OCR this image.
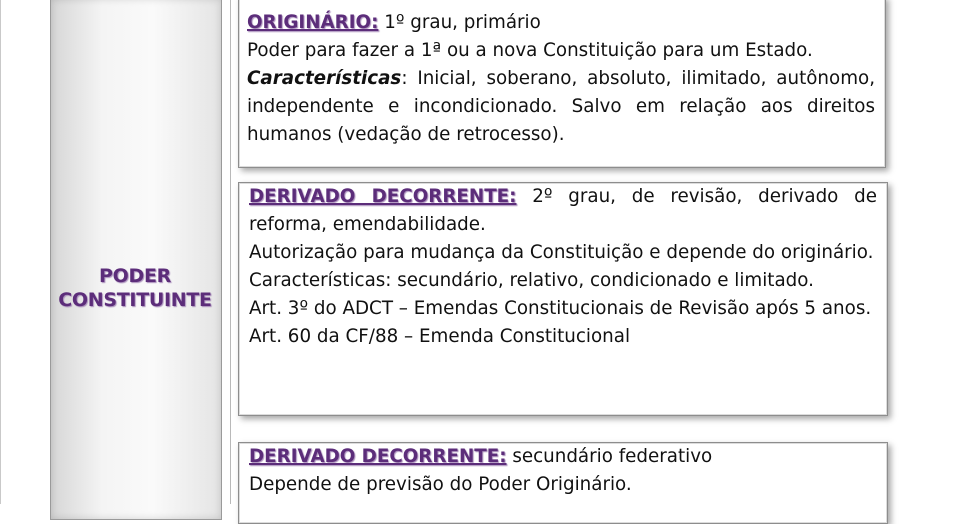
PODER
CONSTITUINTE

ORIGINÁRIO: 1º grau, primário

Poder para fazer a 1ª ou a nova Constituição para um Estado.

Características: Inicial, soberano, absoluto, ilimitado, autônomo, independente e incondicionado. Salvo em relação aos direitos humanos (vedação de retrocesso).

DERIVADO DECORRENTE: 2º grau, de revisão, derivado de reforma, emendabilidade.

Autorização para mudança da Constituição e depende do originário.

Características: secundário, relativo, condicionado e limitado.

Art. 3º do ADCT – Emendas Constitucionais de Revisão após 5 anos.

Art. 60 da CF/88 – Emenda Constitucional

DERIVADO DECORRENTE: secundário federativo

Depende de previsão do Poder Originário.
